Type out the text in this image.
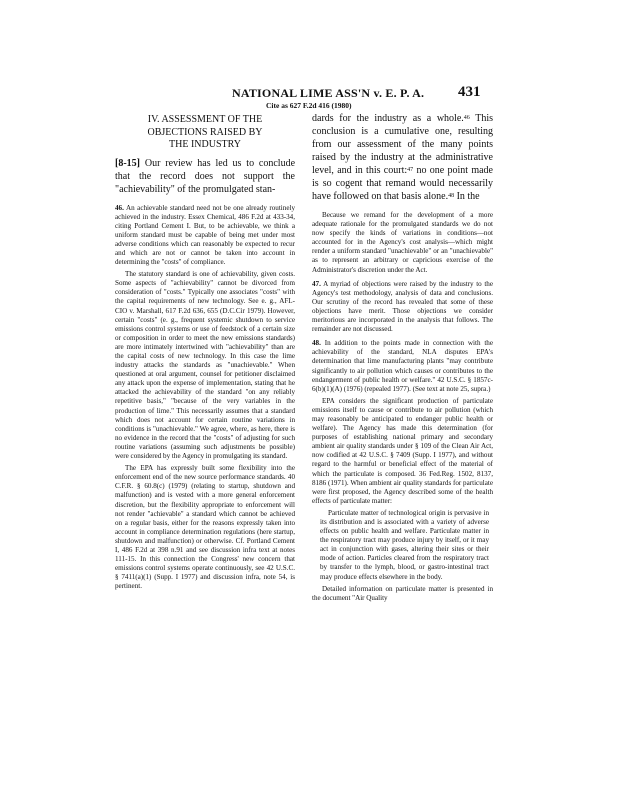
NATIONAL LIME ASS'N v. E. P. A. 431
Cite as 627 F.2d 416 (1980)

IV. ASSESSMENT OF THE

OBJECTIONS RAISED BY

THE INDUSTRY

[8-15] Our review has led us to conclude that the record does not support the "achievability" of the promulgated stan-

46. An achievable standard need not be one already routinely achieved in the industry. Essex Chemical, 486 F.2d at 433-34, citing Portland Cement I. But, to be achievable, we think a uniform standard must be capable of being met under most adverse conditions which can reasonably be expected to recur and which are not or cannot be taken into account in determining the "costs" of compliance.

The statutory standard is one of achievability, given costs. Some aspects of "achievability" cannot be divorced from consideration of "costs." Typically one associates "costs" with the capital requirements of new technology. See e. g., AFL-CIO v. Marshall, 617 F.2d 636, 655 (D.C.Cir 1979). However, certain "costs" (e. g., frequent systemic shutdown to service emissions control systems or use of feedstock of a certain size or composition in order to meet the new emissions standards) are more intimately intertwined with "achievability" than are the capital costs of new technology. In this case the lime industry attacks the standards as "unachievable." When questioned at oral argument, counsel for petitioner disclaimed any attack upon the expense of implementation, stating that he attacked the achievability of the standard "on any reliably repetitive basis," "because of the very variables in the production of lime." This necessarily assumes that a standard which does not account for certain routine variations in conditions is "unachievable." We agree, where, as here, there is no evidence in the record that the "costs" of adjusting for such routine variations (assuming such adjustments be possible) were considered by the Agency in promulgating its standard.

The EPA has expressly built some flexibility into the enforcement end of the new source performance standards. 40 C.F.R. § 60.8(c) (1979) (relating to startup, shutdown and malfunction) and is vested with a more general enforcement discretion, but the flexibility appropriate to enforcement will not render "achievable" a standard which cannot be achieved on a regular basis, either for the reasons expressly taken into account in compliance determination regulations (here startup, shutdown and malfunction) or otherwise. Cf. Portland Cement I, 486 F.2d at 398 n.91 and see discussion infra text at notes 111-15. In this connection the Congress' new concern that emissions control systems operate continuously, see 42 U.S.C. § 7411(a)(1) (Supp. I 1977) and discussion infra, note 54, is pertinent.

dards for the industry as a whole.$^{46}$ This conclusion is a cumulative one, resulting from our assessment of the many points raised by the industry at the administrative level, and in this court:$^{47}$ no one point made is so cogent that remand would necessarily have followed on that basis alone.$^{48}$ In the

Because we remand for the development of a more adequate rationale for the promulgated standards we do not now specify the kinds of variations in conditions—not accounted for in the Agency's cost analysis—which might render a uniform standard "unachievable" or an "unachievable" as to represent an arbitrary or capricious exercise of the Administrator's discretion under the Act.

47. A myriad of objections were raised by the industry to the Agency's test methodology, analysis of data and conclusions. Our scrutiny of the record has revealed that some of these objections have merit. Those objections we consider meritorious are incorporated in the analysis that follows. The remainder are not discussed.

48. In addition to the points made in connection with the achievability of the standard, NLA disputes EPA's determination that lime manufacturing plants "may contribute significantly to air pollution which causes or contributes to the endangerment of public health or welfare." 42 U.S.C. § 1857c-6(b)(1)(A) (1976) (repealed 1977). (See text at note 25, supra.)

EPA considers the significant production of particulate emissions itself to cause or contribute to air pollution (which may reasonably be anticipated to endanger public health or welfare). The Agency has made this determination (for purposes of establishing national primary and secondary ambient air quality standards under § 109 of the Clean Air Act, now codified at 42 U.S.C. § 7409 (Supp. I 1977), and without regard to the harmful or beneficial effect of the material of which the particulate is composed. 36 Fed.Reg. 1502, 8137, 8186 (1971). When ambient air quality standards for particulate were first proposed, the Agency described some of the health effects of particulate matter:

Particulate matter of technological origin is pervasive in its distribution and is associated with a variety of adverse effects on public health and welfare. Particulate matter in the respiratory tract may produce injury by itself, or it may act in conjunction with gases, altering their sites or their mode of action. Particles cleared from the respiratory tract by transfer to the lymph, blood, or gastro-intestinal tract may produce effects elsewhere in the body.

Detailed information on particulate matter is presented in the document "Air Quality
